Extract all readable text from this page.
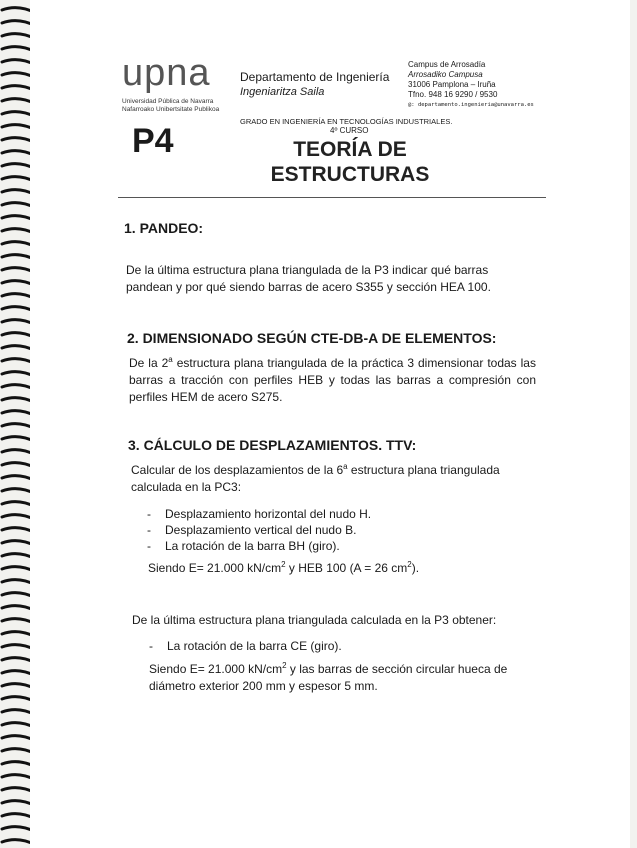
upna
Universidad Pública de Navarra
Nafarroako Unibertsitate Publikoa
P4
Departamento de Ingeniería
Ingeniaritza Saila
Campus de Arrosadía
Arrosadiko Campusa
31006 Pamplona – Iruña
Tfno. 948 16 9290 / 9530
@: departamento.ingenieria@unavarra.es
GRADO EN INGENIERÍA EN TECNOLOGÍAS INDUSTRIALES.
4º CURSO
TEORÍA DE
ESTRUCTURAS
1. PANDEO:
De la última estructura plana triangulada de la P3 indicar qué barras pandean y por qué siendo barras de acero S355 y sección HEA 100.
2. DIMENSIONADO SEGÚN CTE-DB-A DE ELEMENTOS:
De la 2$^a$ estructura plana triangulada de la práctica 3 dimensionar todas las barras a tracción con perfiles HEB y todas las barras a compresión con perfiles HEM de acero S275.
3. CÁLCULO DE DESPLAZAMIENTOS. TTV:
Calcular de los desplazamientos de la 6$^a$ estructura plana triangulada calculada en la PC3:
- Desplazamiento horizontal del nudo H.
- Desplazamiento vertical del nudo B.
- La rotación de la barra BH (giro).
Siendo E= 21.000 $kN/cm^2$ y HEB 100 (A = 26 $cm^2$).
De la última estructura plana triangulada calculada en la P3 obtener:
- La rotación de la barra CE (giro).
Siendo E= 21.000 $kN/cm^2$ y las barras de sección circular hueca de diámetro exterior 200 mm y espesor 5 mm.
